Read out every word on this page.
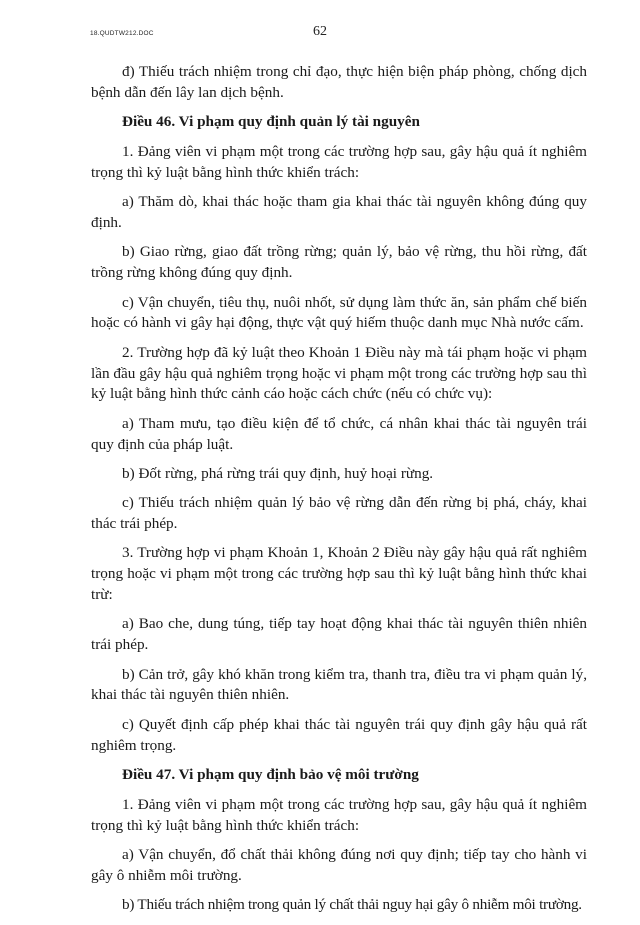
18.QUDTW212.DOC	62

đ) Thiếu trách nhiệm trong chỉ đạo, thực hiện biện pháp phòng, chống dịch bệnh dẫn đến lây lan dịch bệnh.

Điều 46. Vi phạm quy định quản lý tài nguyên

1. Đảng viên vi phạm một trong các trường hợp sau, gây hậu quả ít nghiêm trọng thì kỷ luật bằng hình thức khiển trách:

a) Thăm dò, khai thác hoặc tham gia khai thác tài nguyên không đúng quy định.

b) Giao rừng, giao đất trồng rừng; quản lý, bảo vệ rừng, thu hồi rừng, đất trồng rừng không đúng quy định.

c) Vận chuyển, tiêu thụ, nuôi nhốt, sử dụng làm thức ăn, sản phẩm chế biến hoặc có hành vi gây hại động, thực vật quý hiếm thuộc danh mục Nhà nước cấm.

2. Trường hợp đã kỷ luật theo Khoản 1 Điều này mà tái phạm hoặc vi phạm lần đầu gây hậu quả nghiêm trọng hoặc vi phạm một trong các trường hợp sau thì kỷ luật bằng hình thức cảnh cáo hoặc cách chức (nếu có chức vụ):

a) Tham mưu, tạo điều kiện để tổ chức, cá nhân khai thác tài nguyên trái quy định của pháp luật.

b) Đốt rừng, phá rừng trái quy định, huỷ hoại rừng.

c) Thiếu trách nhiệm quản lý bảo vệ rừng dẫn đến rừng bị phá, cháy, khai thác trái phép.

3. Trường hợp vi phạm Khoản 1, Khoản 2 Điều này gây hậu quả rất nghiêm trọng hoặc vi phạm một trong các trường hợp sau thì kỷ luật bằng hình thức khai trừ:

a) Bao che, dung túng, tiếp tay hoạt động khai thác tài nguyên thiên nhiên trái phép.

b) Cản trở, gây khó khăn trong kiểm tra, thanh tra, điều tra vi phạm quản lý, khai thác tài nguyên thiên nhiên.

c) Quyết định cấp phép khai thác tài nguyên trái quy định gây hậu quả rất nghiêm trọng.

Điều 47. Vi phạm quy định bảo vệ môi trường

1. Đảng viên vi phạm một trong các trường hợp sau, gây hậu quả ít nghiêm trọng thì kỷ luật bằng hình thức khiển trách:

a) Vận chuyển, đổ chất thải không đúng nơi quy định; tiếp tay cho hành vi gây ô nhiễm môi trường.

b) Thiếu trách nhiệm trong quản lý chất thải nguy hại gây ô nhiễm môi trường.
